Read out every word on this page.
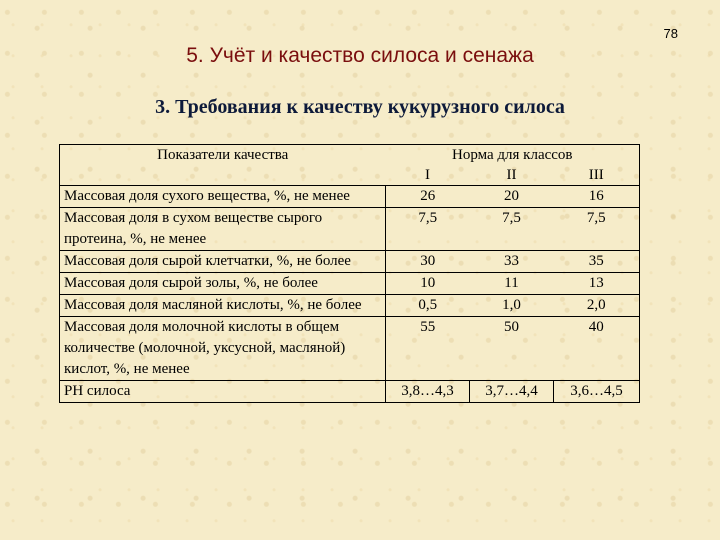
78
5. Учёт и качество силоса и сенажа
3. Требования к качеству кукурузного силоса
Показатели качества	Норма для классов		
	I	II	III
Массовая доля сухого вещества, %, не менее	26	20	16
Массовая доля в сухом веществе сырого протеина, %, не менее	7,5	7,5	7,5
Массовая доля сырой клетчатки, %, не более	30	33	35
Массовая доля сырой золы, %, не более	10	11	13
Массовая доля масляной кислоты, %, не более	0,5	1,0	2,0
Массовая доля молочной кислоты в общем количестве (молочной, уксусной, масляной) кислот, %, не менее	55	50	40
РН силоса	3,8…4,3	3,7…4,4	3,6…4,5
